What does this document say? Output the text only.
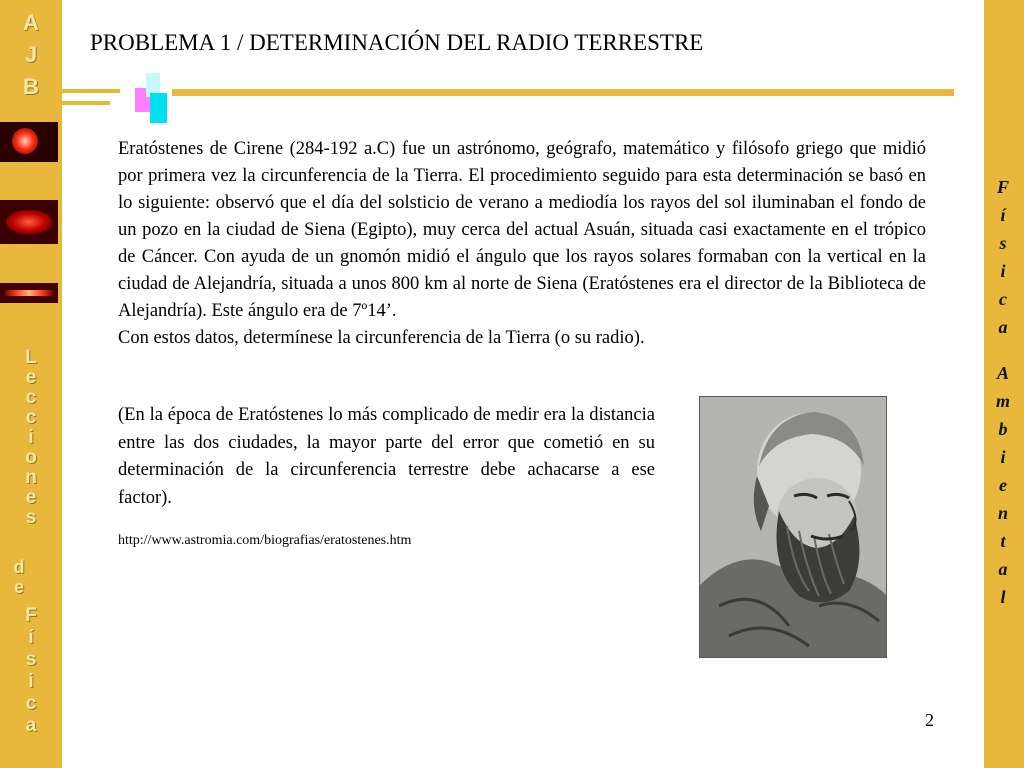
A
J
B
L
e
c
c
i
o
n
e
s
d
e
F
í
s
i
c
a
PROBLEMA 1 / DETERMINACIÓN DEL RADIO TERRESTRE

Eratóstenes de Cirene (284-192 a.C) fue un astrónomo, geógrafo, matemático y filósofo griego que midió por primera vez la circunferencia de la Tierra. El procedimiento seguido para esta determinación se basó en lo siguiente: observó que el día del solsticio de verano a mediodía los rayos del sol iluminaban el fondo de un pozo en la ciudad de Siena (Egipto), muy cerca del actual Asuán, situada casi exactamente en el trópico de Cáncer. Con ayuda de un gnomón midió el ángulo que los rayos solares formaban con la vertical en la ciudad de Alejandría, situada a unos 800 km al norte de Siena (Eratóstenes era el director de la Biblioteca de Alejandría). Este ángulo era de 7º14’.
Con estos datos, determínese la circunferencia de la Tierra (o su radio).

(En la época de Eratóstenes lo más complicado de medir era la distancia entre las dos ciudades, la mayor parte del error que cometió en su determinación de la circunferencia terrestre debe achacarse a ese factor).

http://www.astromia.com/biografias/eratostenes.htm
F
í
s
i
c
a
A
m
b
i
e
n
t
a
l
2
